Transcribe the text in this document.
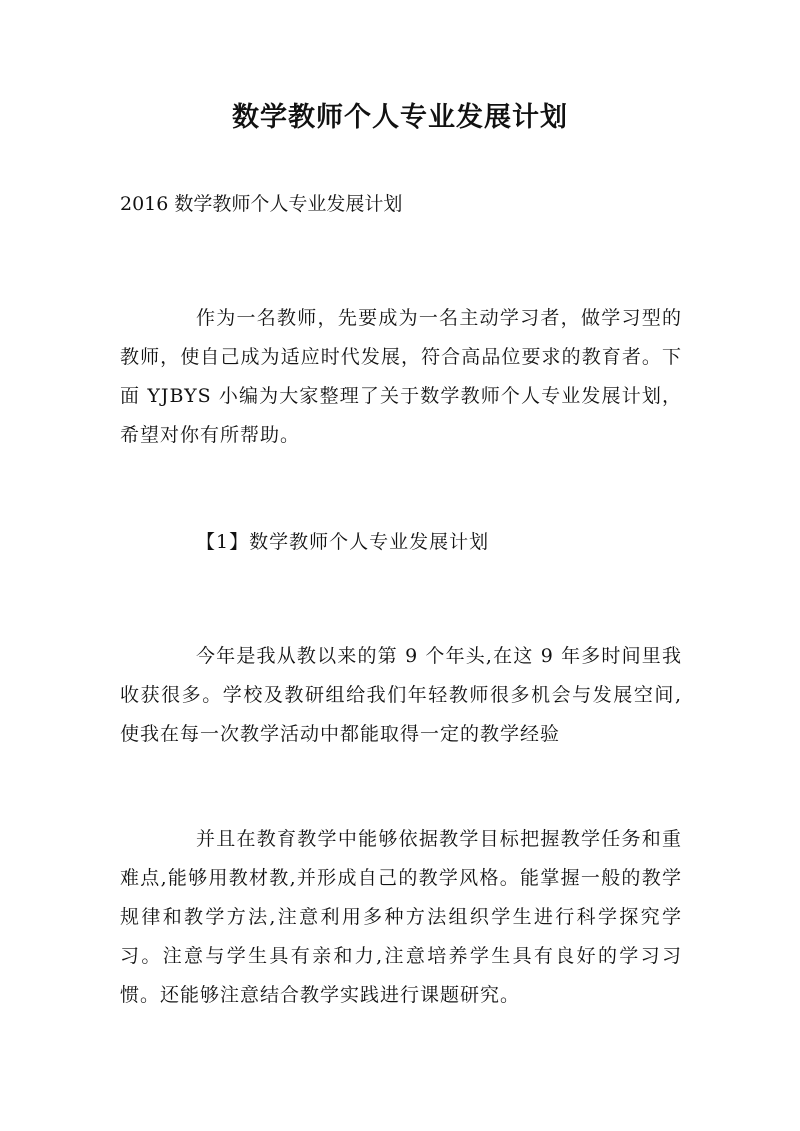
数学教师个人专业发展计划
2016 数学教师个人专业发展计划
作为一名教师，先要成为一名主动学习者，做学习型的教师，使自己成为适应时代发展，符合高品位要求的教育者。下面 YJBYS 小编为大家整理了关于数学教师个人专业发展计划，希望对你有所帮助。
【1】数学教师个人专业发展计划
今年是我从教以来的第 9 个年头,在这 9 年多时间里我收获很多。学校及教研组给我们年轻教师很多机会与发展空间,使我在每一次教学活动中都能取得一定的教学经验
并且在教育教学中能够依据教学目标把握教学任务和重难点,能够用教材教,并形成自己的教学风格。能掌握一般的教学规律和教学方法,注意利用多种方法组织学生进行科学探究学习。注意与学生具有亲和力,注意培养学生具有良好的学习习惯。还能够注意结合教学实践进行课题研究。
